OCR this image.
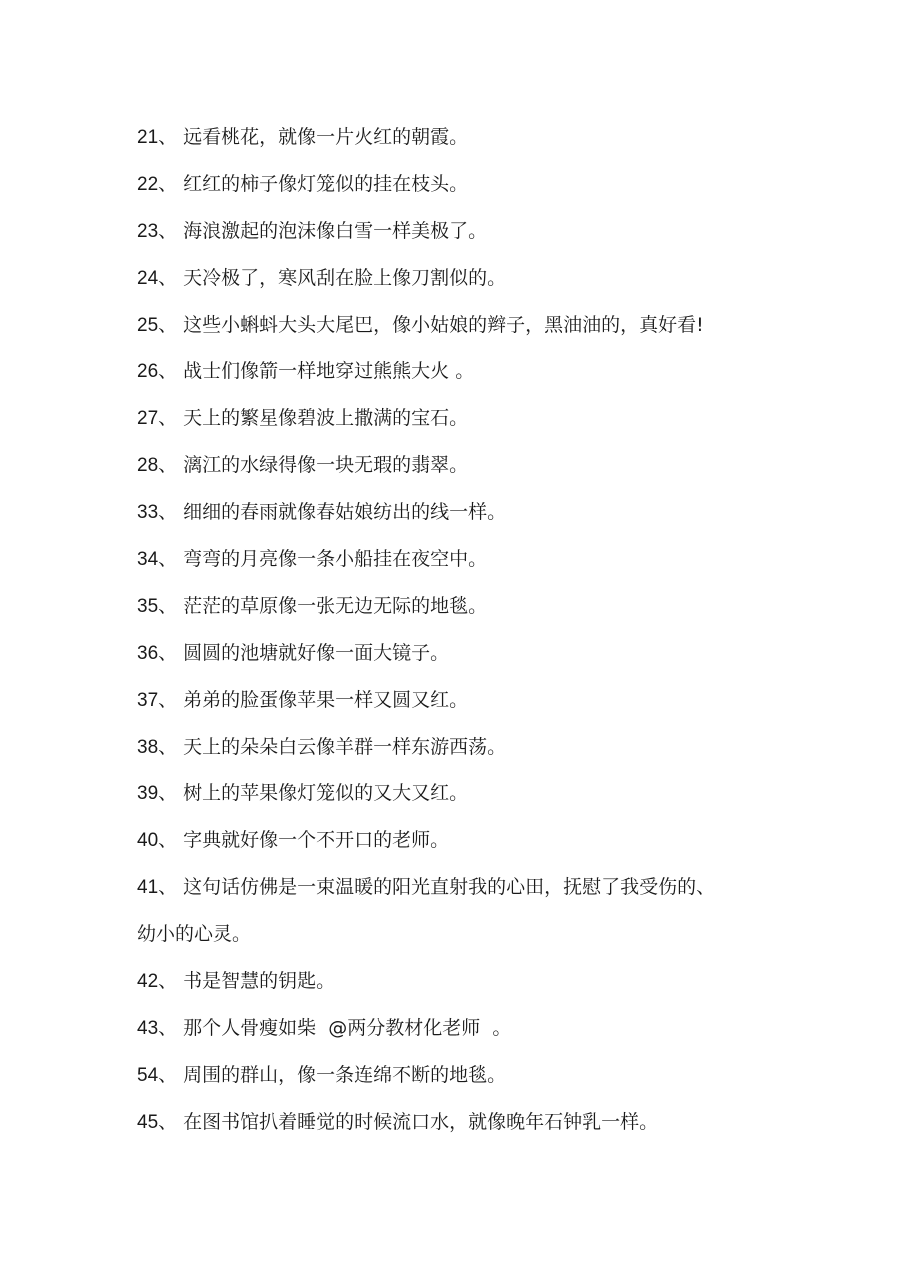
21、 远看桃花，就像一片火红的朝霞。
22、 红红的柿子像灯笼似的挂在枝头。
23、 海浪激起的泡沫像白雪一样美极了。
24、 天冷极了，寒风刮在脸上像刀割似的。
25、 这些小蝌蚪大头大尾巴，像小姑娘的辫子，黑油油的，真好看!
26、 战士们像箭一样地穿过熊熊大火 。
27、 天上的繁星像碧波上撒满的宝石。
28、 漓江的水绿得像一块无瑕的翡翠。
33、 细细的春雨就像春姑娘纺出的线一样。
34、 弯弯的月亮像一条小船挂在夜空中。
35、 茫茫的草原像一张无边无际的地毯。
36、 圆圆的池塘就好像一面大镜子。
37、 弟弟的脸蛋像苹果一样又圆又红。
38、 天上的朵朵白云像羊群一样东游西荡。
39、 树上的苹果像灯笼似的又大又红。
40、 字典就好像一个不开口的老师。
41、 这句话仿佛是一束温暖的阳光直射我的心田，抚慰了我受伤的、
幼小的心灵。
42、 书是智慧的钥匙。
43、 那个人骨瘦如柴  @两分教材化老师  。
54、 周围的群山，像一条连绵不断的地毯。
45、 在图书馆扒着睡觉的时候流口水，就像晚年石钟乳一样。
